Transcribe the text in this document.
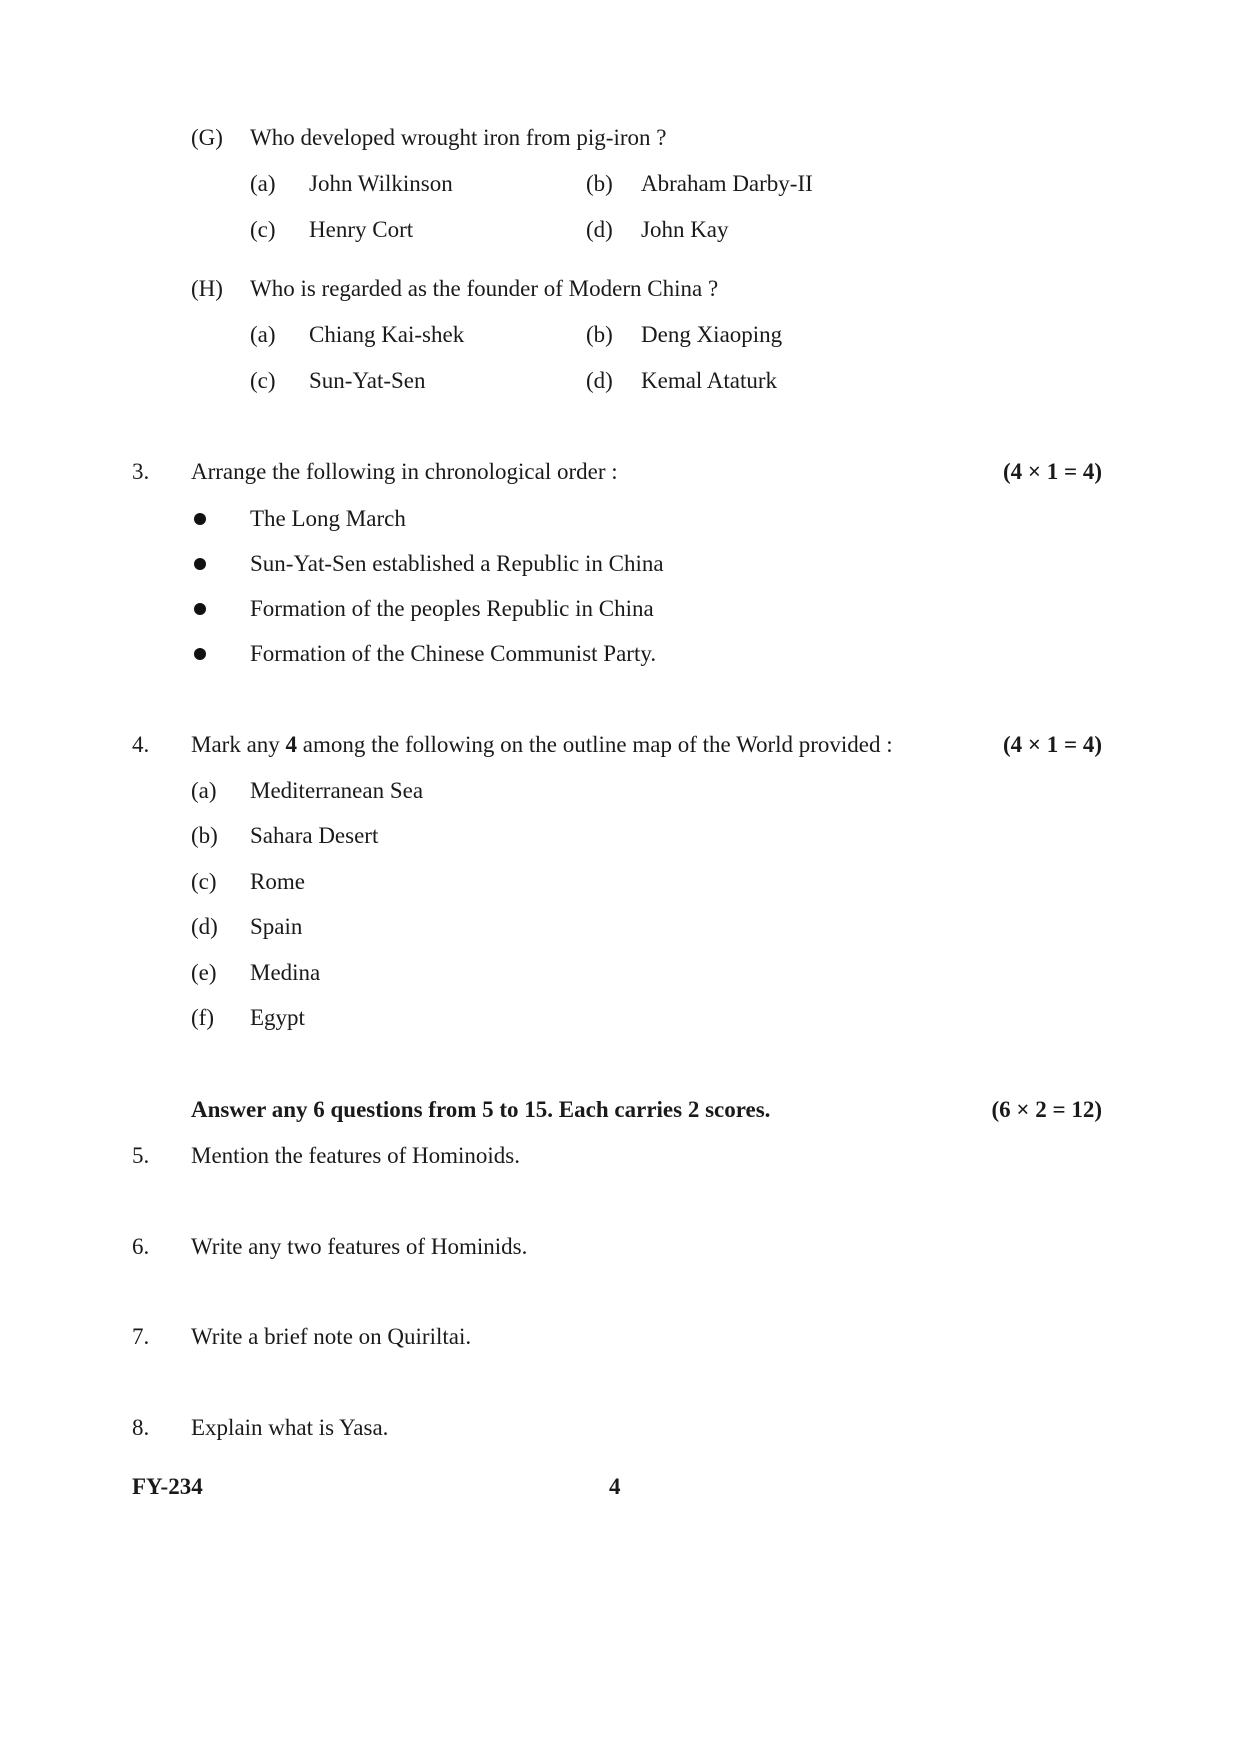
(G) Who developed wrought iron from pig-iron ?
(a) John Wilkinson	(b) Abraham Darby-II
(c) Henry Cort	(d) John Kay
(H) Who is regarded as the founder of Modern China ?
(a) Chiang Kai-shek	(b) Deng Xiaoping
(c) Sun-Yat-Sen	(d) Kemal Ataturk
3. Arrange the following in chronological order :	(4 × 1 = 4)
The Long March
Sun-Yat-Sen established a Republic in China
Formation of the peoples Republic in China
Formation of the Chinese Communist Party.
4. Mark any 4 among the following on the outline map of the World provided :	(4 × 1 = 4)
(a) Mediterranean Sea
(b) Sahara Desert
(c) Rome
(d) Spain
(e) Medina
(f) Egypt
Answer any 6 questions from 5 to 15. Each carries 2 scores.	(6 × 2 = 12)
5. Mention the features of Hominoids.
6. Write any two features of Hominids.
7. Write a brief note on Quiriltai.
8. Explain what is Yasa.
FY-234	4
